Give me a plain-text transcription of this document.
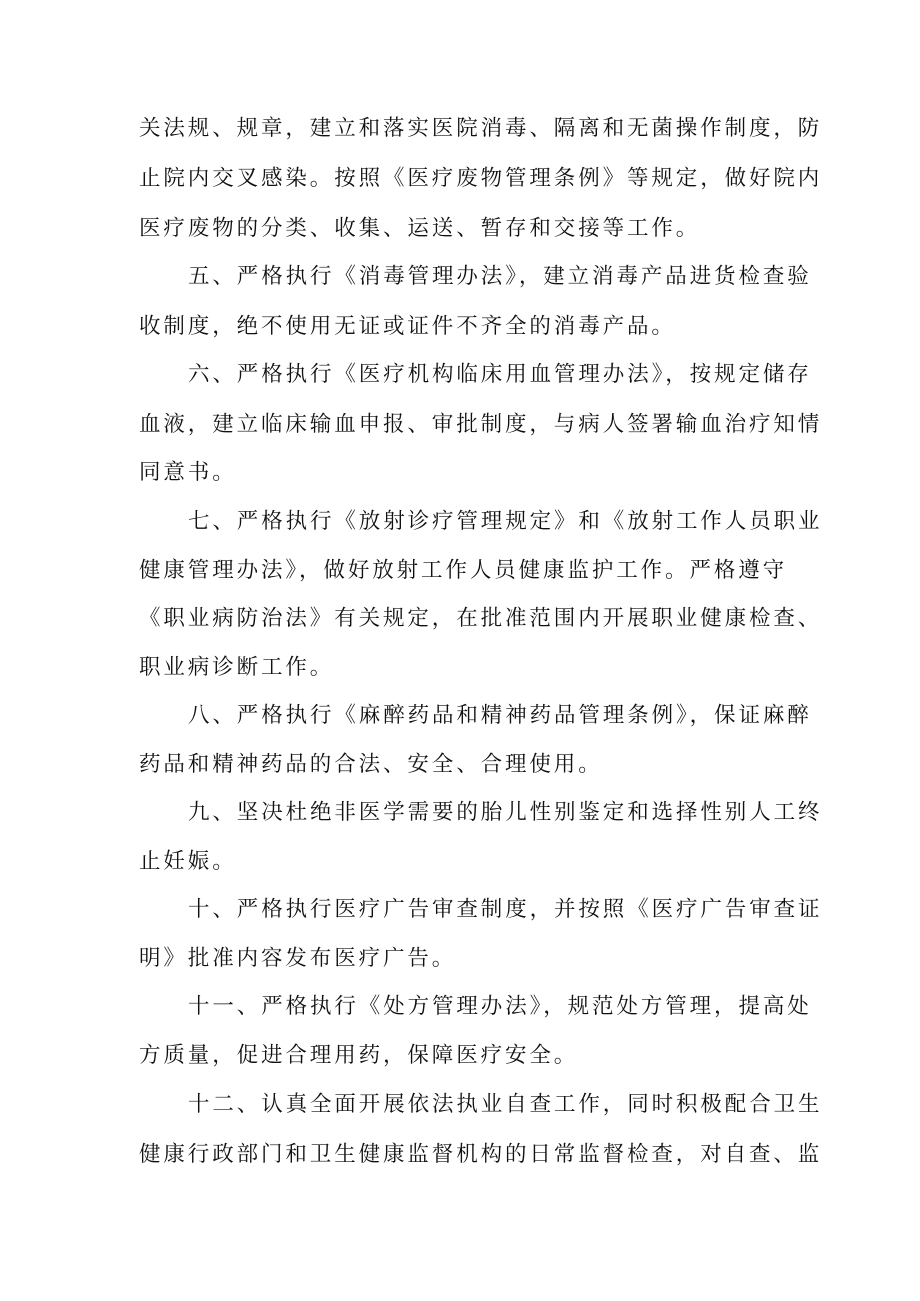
关法规、规章，建立和落实医院消毒、隔离和无菌操作制度，防
止院内交叉感染。按照《医疗废物管理条例》等规定，做好院内
医疗废物的分类、收集、运送、暂存和交接等工作。
五、严格执行《消毒管理办法》，建立消毒产品进货检查验
收制度，绝不使用无证或证件不齐全的消毒产品。
六、严格执行《医疗机构临床用血管理办法》，按规定储存
血液，建立临床输血申报、审批制度，与病人签署输血治疗知情
同意书。
七、严格执行《放射诊疗管理规定》和《放射工作人员职业
健康管理办法》，做好放射工作人员健康监护工作。严格遵守
《职业病防治法》有关规定，在批准范围内开展职业健康检查、
职业病诊断工作。
八、严格执行《麻醉药品和精神药品管理条例》，保证麻醉
药品和精神药品的合法、安全、合理使用。
九、坚决杜绝非医学需要的胎儿性别鉴定和选择性别人工终
止妊娠。
十、严格执行医疗广告审查制度，并按照《医疗广告审查证
明》批准内容发布医疗广告。
十一、严格执行《处方管理办法》，规范处方管理，提高处
方质量，促进合理用药，保障医疗安全。
十二、认真全面开展依法执业自查工作，同时积极配合卫生
健康行政部门和卫生健康监督机构的日常监督检查，对自查、监
